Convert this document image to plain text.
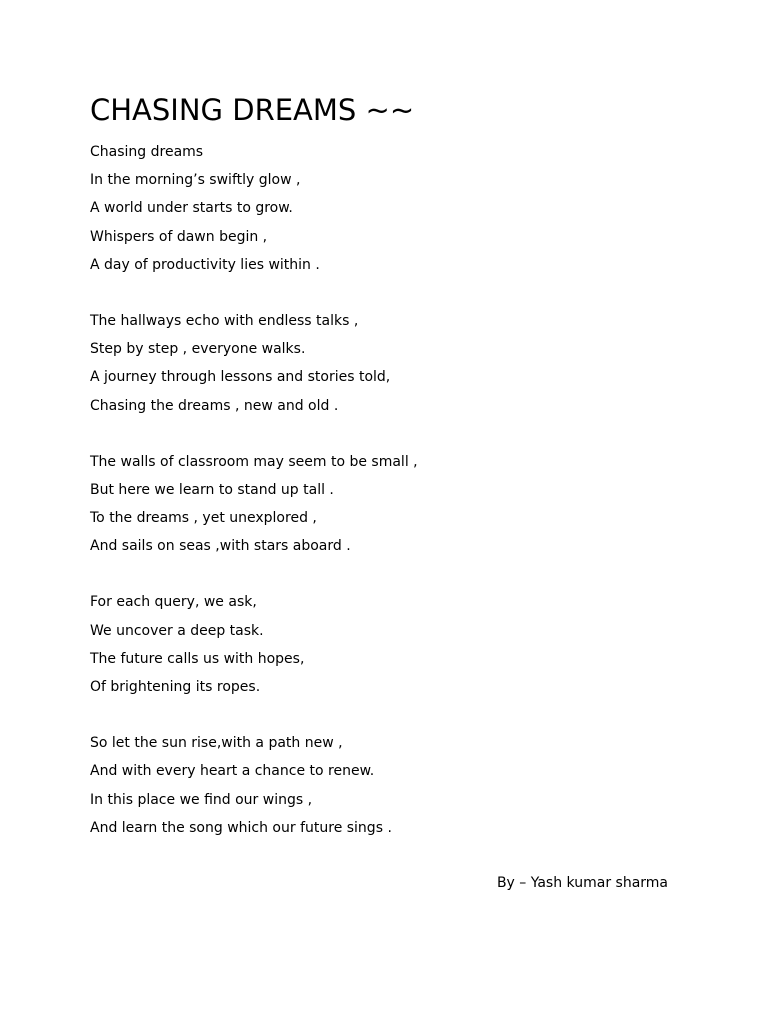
CHASING DREAMS ~~
Chasing dreams
In the morning’s swiftly glow ,
A world under starts to grow.
Whispers of dawn begin ,
A day of productivity lies within .
The hallways echo with endless talks ,
Step by step , everyone walks.
A journey through lessons and stories told,
Chasing the dreams , new and old .
The walls of classroom may seem to be small ,
But here we learn to stand up tall .
To the dreams , yet unexplored ,
And sails on seas ,with stars aboard .
For each query, we ask,
We uncover a deep task.
The future calls us with hopes,
Of brightening its ropes.
So let the sun rise,with a path new ,
And with every heart a chance to renew.
In this place we find our wings ,
And learn the song which our future sings .
By – Yash kumar sharma
